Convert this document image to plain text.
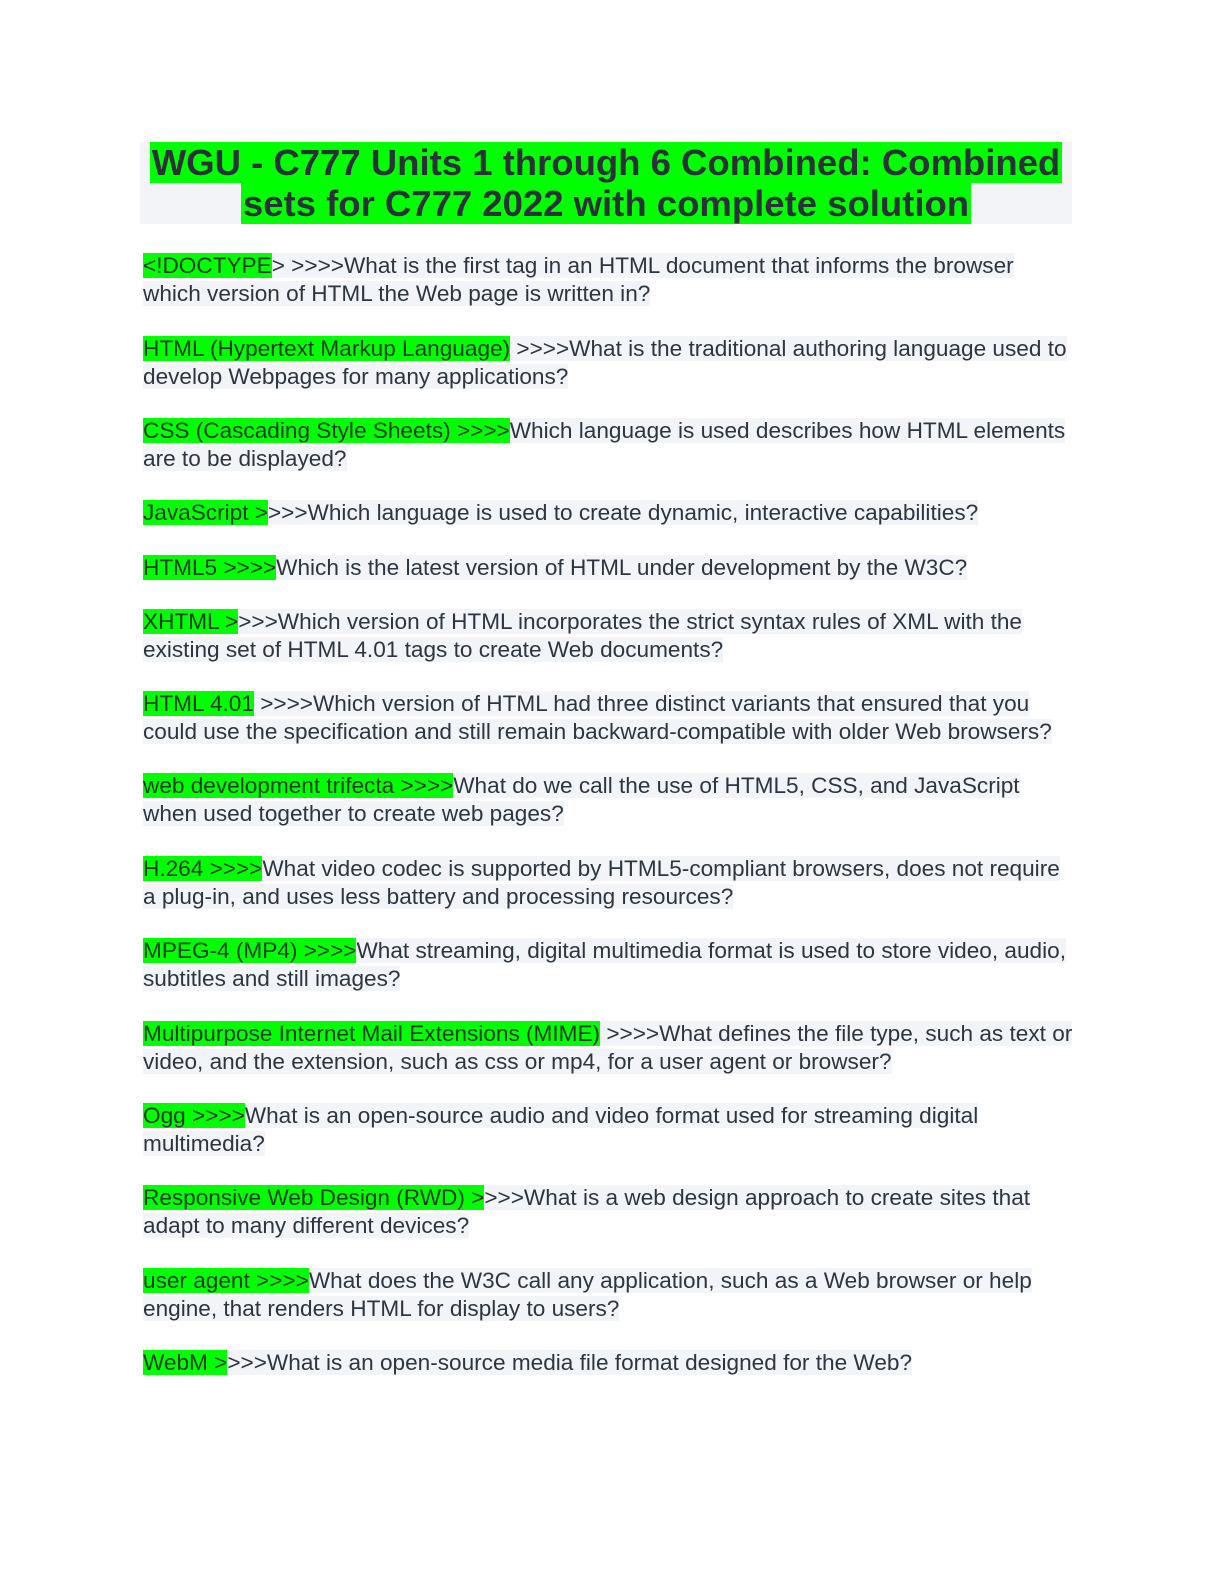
WGU - C777 Units 1 through 6 Combined: Combined
sets for C777 2022 with complete solution

<!DOCTYPE> >>>>What is the first tag in an HTML document that informs the browser which version of HTML the Web page is written in?

HTML (Hypertext Markup Language) >>>>What is the traditional authoring language used to develop Webpages for many applications?

CSS (Cascading Style Sheets) >>>>Which language is used describes how HTML elements are to be displayed?

JavaScript >>>>Which language is used to create dynamic, interactive capabilities?

HTML5 >>>>Which is the latest version of HTML under development by the W3C?

XHTML >>>>Which version of HTML incorporates the strict syntax rules of XML with the existing set of HTML 4.01 tags to create Web documents?

HTML 4.01 >>>>Which version of HTML had three distinct variants that ensured that you could use the specification and still remain backward-compatible with older Web browsers?

web development trifecta >>>>What do we call the use of HTML5, CSS, and JavaScript when used together to create web pages?

H.264 >>>>What video codec is supported by HTML5-compliant browsers, does not require a plug-in, and uses less battery and processing resources?

MPEG-4 (MP4) >>>>What streaming, digital multimedia format is used to store video, audio, subtitles and still images?

Multipurpose Internet Mail Extensions (MIME) >>>>What defines the file type, such as text or video, and the extension, such as css or mp4, for a user agent or browser?

Ogg >>>>What is an open-source audio and video format used for streaming digital multimedia?

Responsive Web Design (RWD) >>>>What is a web design approach to create sites that adapt to many different devices?

user agent >>>>What does the W3C call any application, such as a Web browser or help engine, that renders HTML for display to users?

WebM >>>>What is an open-source media file format designed for the Web?
